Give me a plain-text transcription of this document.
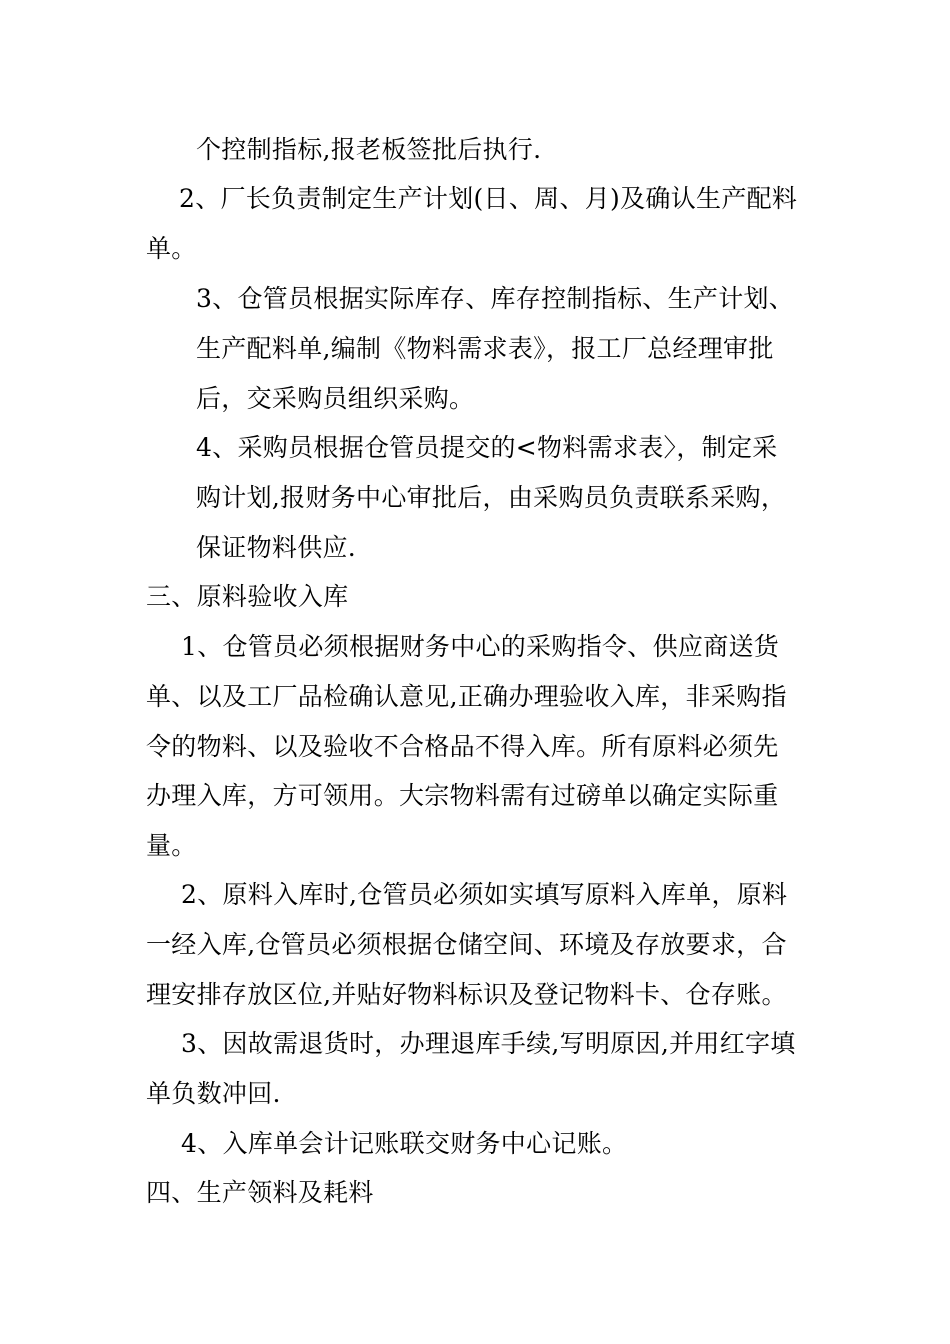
个控制指标,报老板签批后执行.
2、厂长负责制定生产计划(日、周、月)及确认生产配料
单。
3、仓管员根据实际库存、库存控制指标、生产计划、
生产配料单,编制《物料需求表》，报工厂总经理审批
后，交采购员组织采购。
4、采购员根据仓管员提交的<物料需求表〉，制定采
购计划,报财务中心审批后，由采购员负责联系采购，
保证物料供应.
三、原料验收入库
1、仓管员必须根据财务中心的采购指令、供应商送货
单、以及工厂品检确认意见,正确办理验收入库，非采购指
令的物料、以及验收不合格品不得入库。所有原料必须先
办理入库，方可领用。大宗物料需有过磅单以确定实际重
量。
2、原料入库时,仓管员必须如实填写原料入库单，原料
一经入库,仓管员必须根据仓储空间、环境及存放要求，合
理安排存放区位,并贴好物料标识及登记物料卡、仓存账。
3、因故需退货时，办理退库手续,写明原因,并用红字填
单负数冲回.
4、入库单会计记账联交财务中心记账。
四、生产领料及耗料
